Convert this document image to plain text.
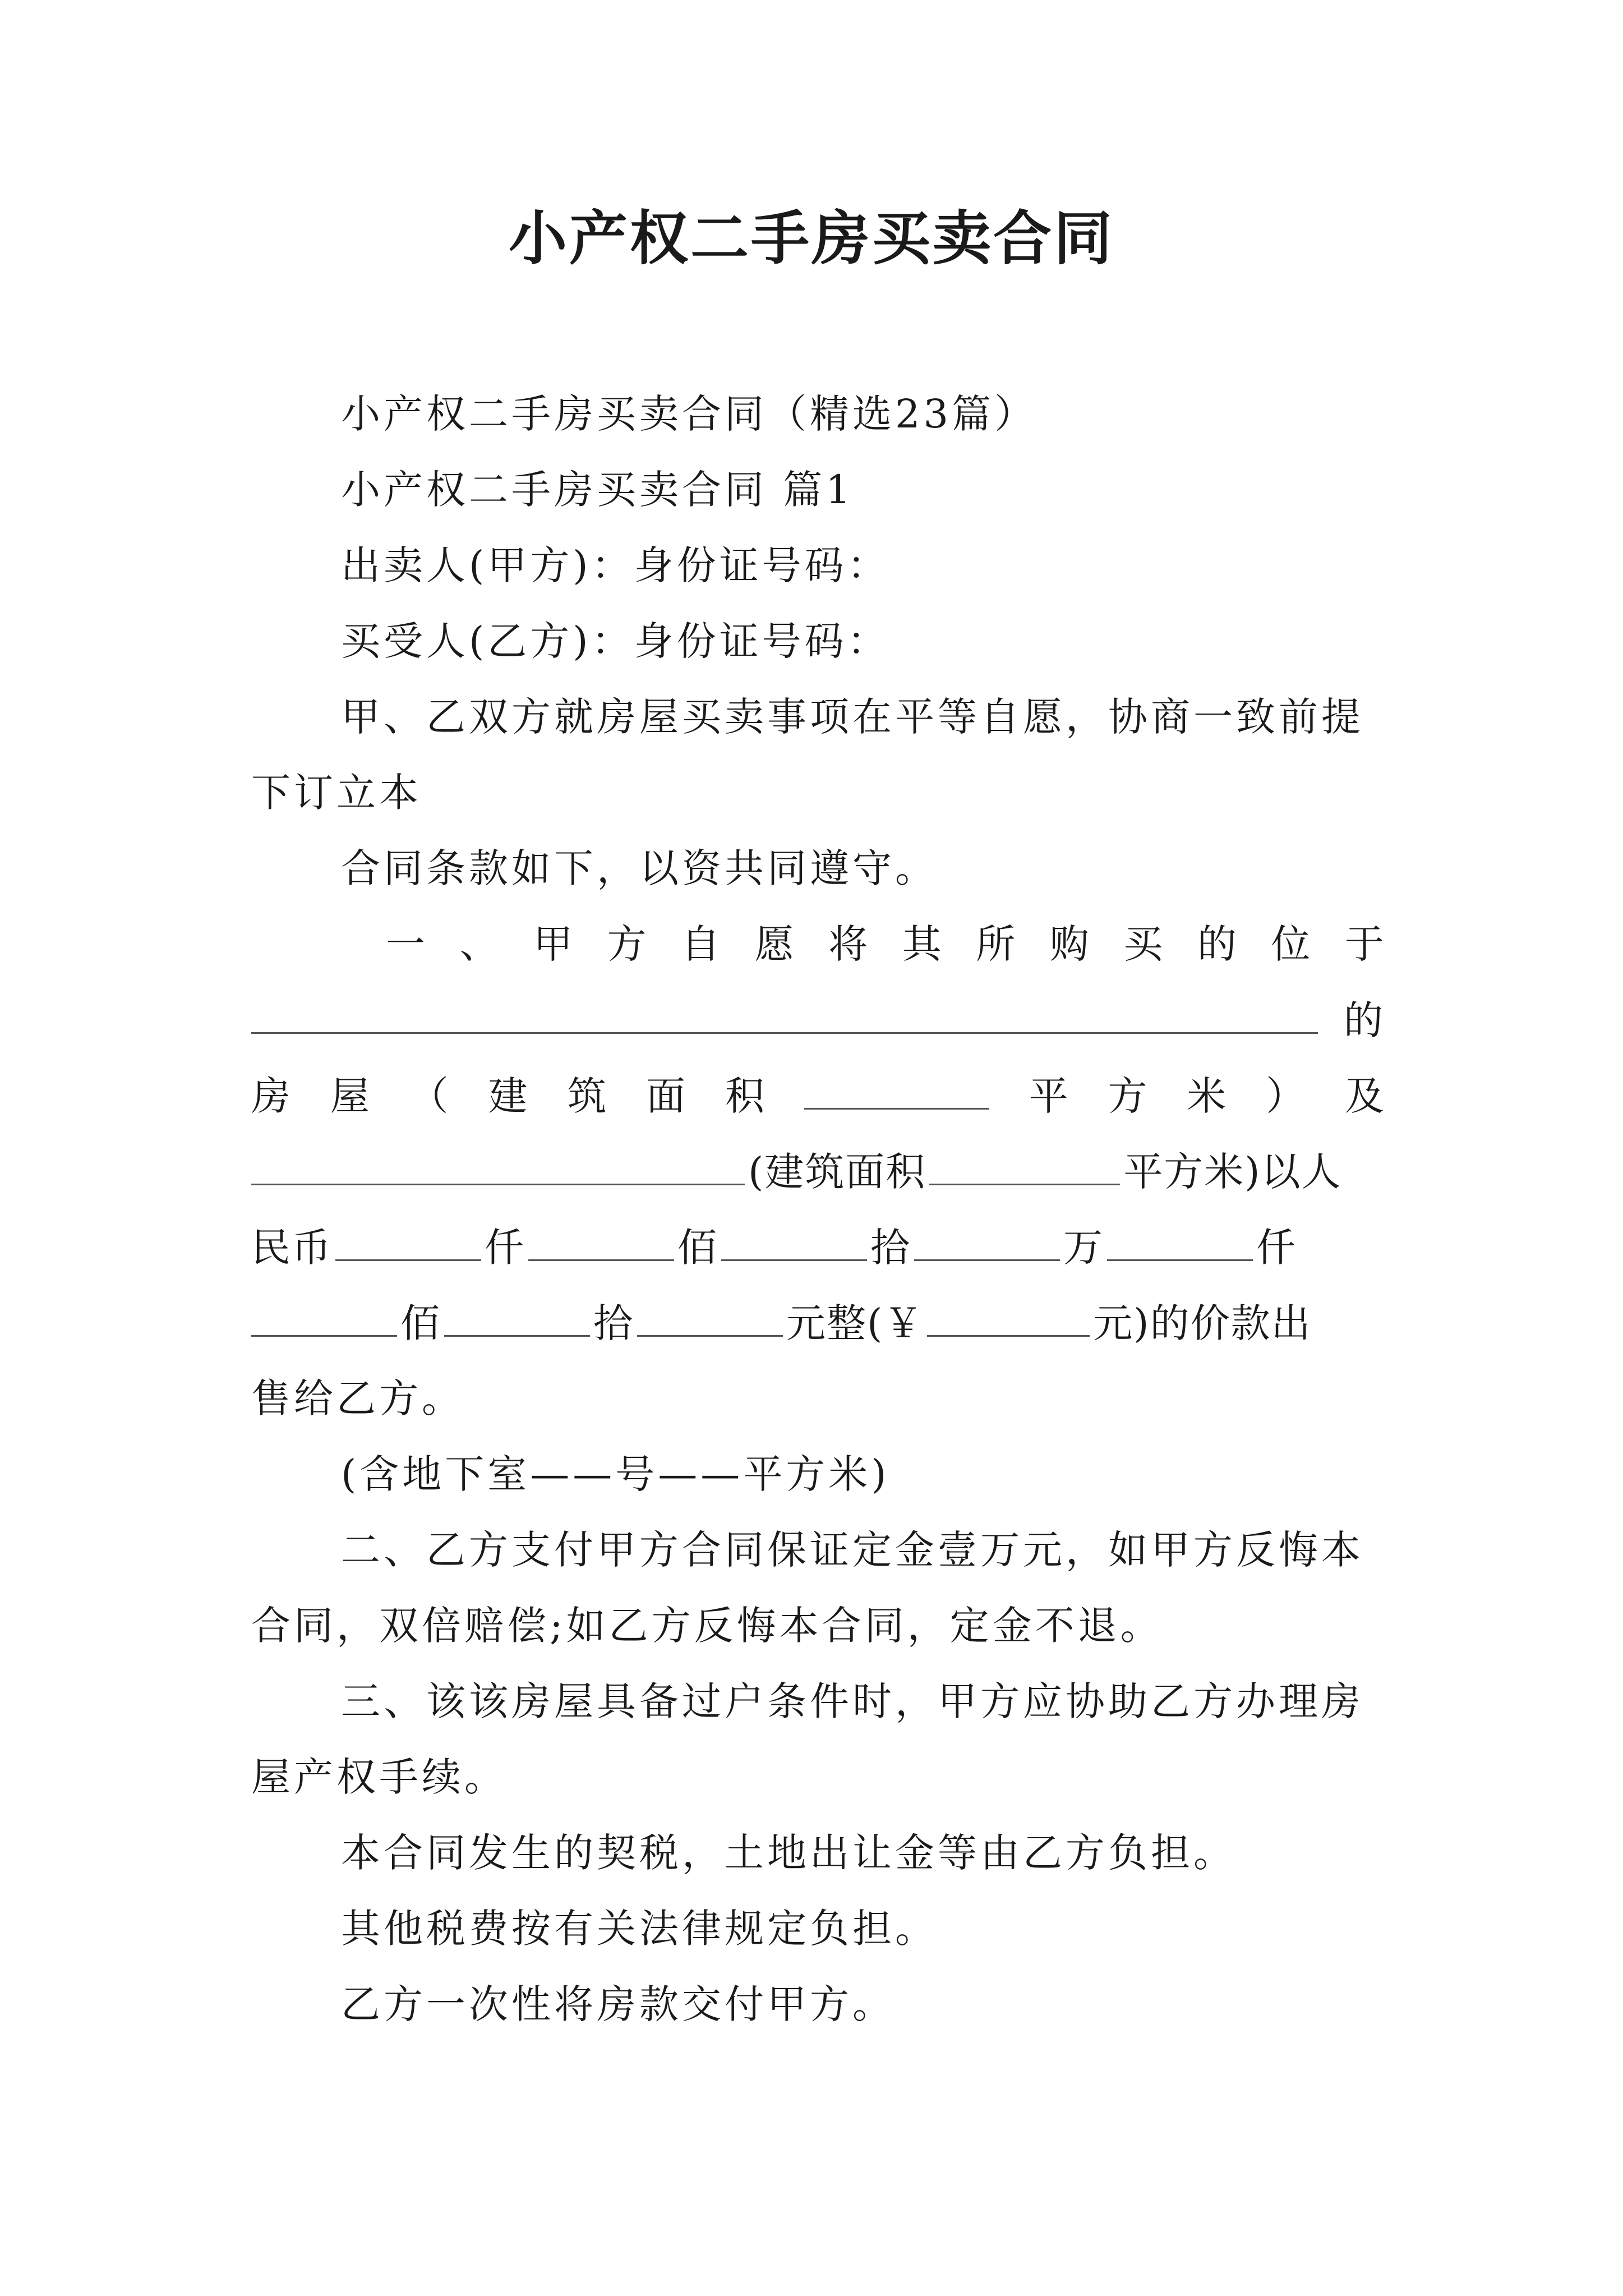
小产权二手房买卖合同
小产权二手房买卖合同（精选23篇）
小产权二手房买卖合同 篇1
出卖人(甲方)：身份证号码：
买受人(乙方)：身份证号码：
甲、乙双方就房屋买卖事项在平等自愿，协商一致前提
下订立本
合同条款如下，以资共同遵守。
一 、 甲 方 自 愿 将 其 所 购 买 的 位 于
的
房 屋 （ 建 筑 面 积	平 方 米 ） 及
(建筑面积	平方米)以人
民币	仟	佰	拾	万	仟
佰	拾	元整(￥	元)的价款出
售给乙方。
(含地下室——号——平方米)
二、乙方支付甲方合同保证定金壹万元，如甲方反悔本
合同，双倍赔偿;如乙方反悔本合同，定金不退。
三、该该房屋具备过户条件时，甲方应协助乙方办理房
屋产权手续。
本合同发生的契税，土地出让金等由乙方负担。
其他税费按有关法律规定负担。
乙方一次性将房款交付甲方。
